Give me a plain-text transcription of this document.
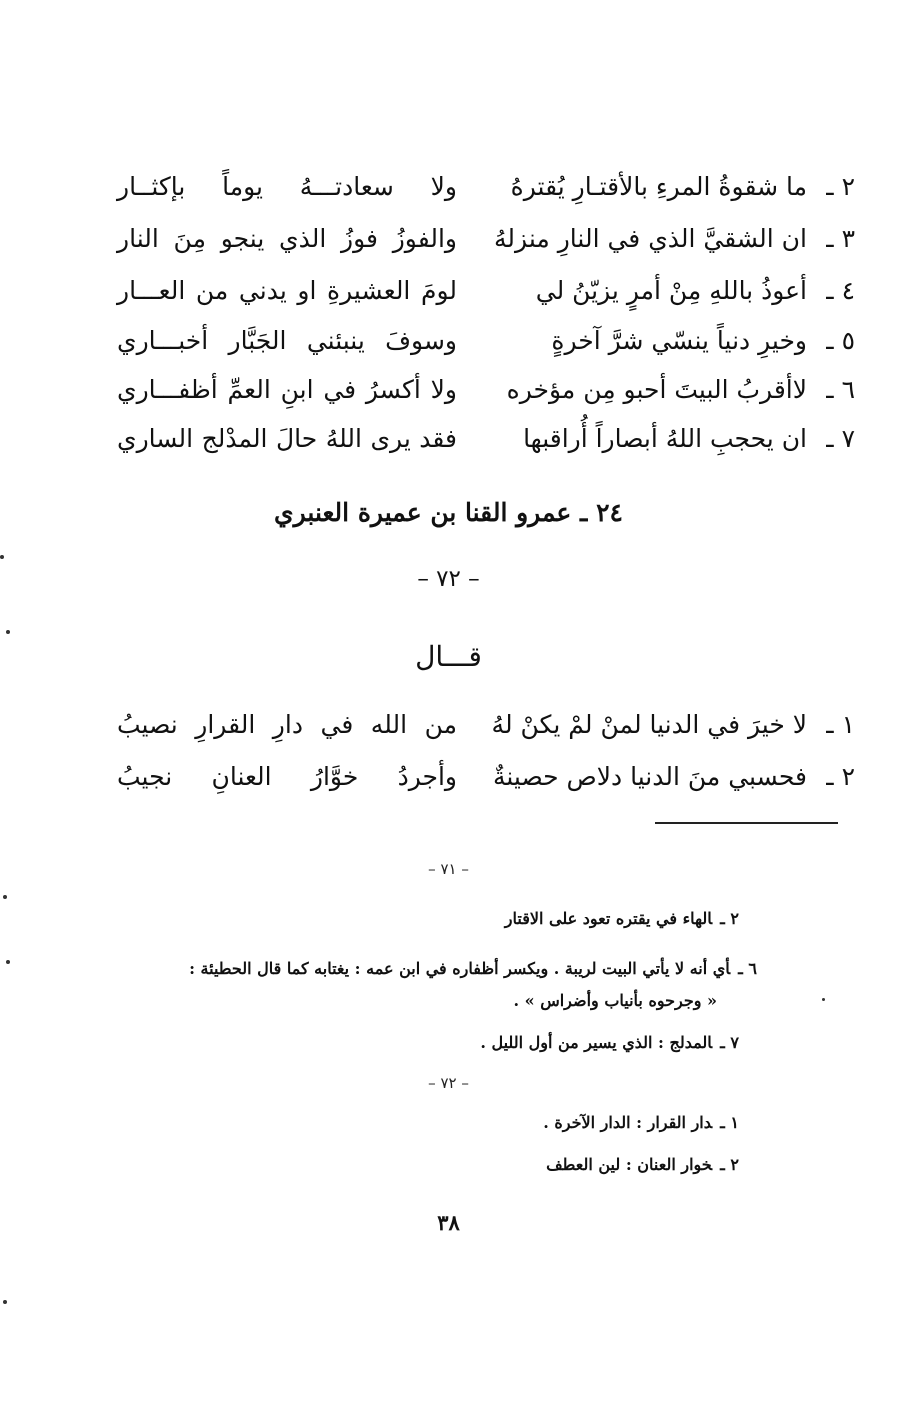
٢ ـ
ما شقوةُ المرءِ بالأقتـارِ يُقترهُ
ولا سعادتـــهُ يوماً بإكثــار
٣ ـ
ان الشقيَّ الذي في النارِ منزلهُ
والفوزُ فوزُ الذي ينجو مِنَ النار
٤ ـ
أعوذُ باللهِ مِنْ أمرٍ يزيّنُ لي
لومَ العشيرةِ او يدني من العـــار
٥ ـ
وخيرِ دنياً ينسّي شرَّ آخرةٍ
وسوفَ ينبئني الجَبَّار أخبـــاري
٦ ـ
لاأقربُ البيتَ أحبو مِن مؤخره
ولا أكسرُ في ابنِ العمِّ أظفـــاري
٧ ـ
ان يحجبِ اللهُ أبصاراً أُراقبها
فقد يرى اللهُ حالَ المدْلج الساري
٢٤ ـ عمرو القنا بن عميرة العنبري
– ٧٢ –
قـــال
١ ـ
لا خيرَ في الدنيا لمنْ لمْ يكنْ لهُ
من الله في دارِ القرارِ نصيبُ
٢ ـ
فحسبي منَ الدنيا دلاص حصينةٌ
وأجردُ خوَّارُ العنانِ نجيبُ
– ٧١ –
٢ ـالهاء في يقتره تعود على الاقتار
٦ ـأي أنه لا يأتي البيت لريبة . ويكسر أظفاره في ابن عمه : يغتابه كما قال الحطيئة :
« وجرحوه بأنياب وأضراس » .
٧ ـالمدلج : الذي يسير من أول الليل .
– ٧٢ –
١ ـدار القرار : الدار الآخرة .
٢ ـخوار العنان : لين العطف
٣٨
